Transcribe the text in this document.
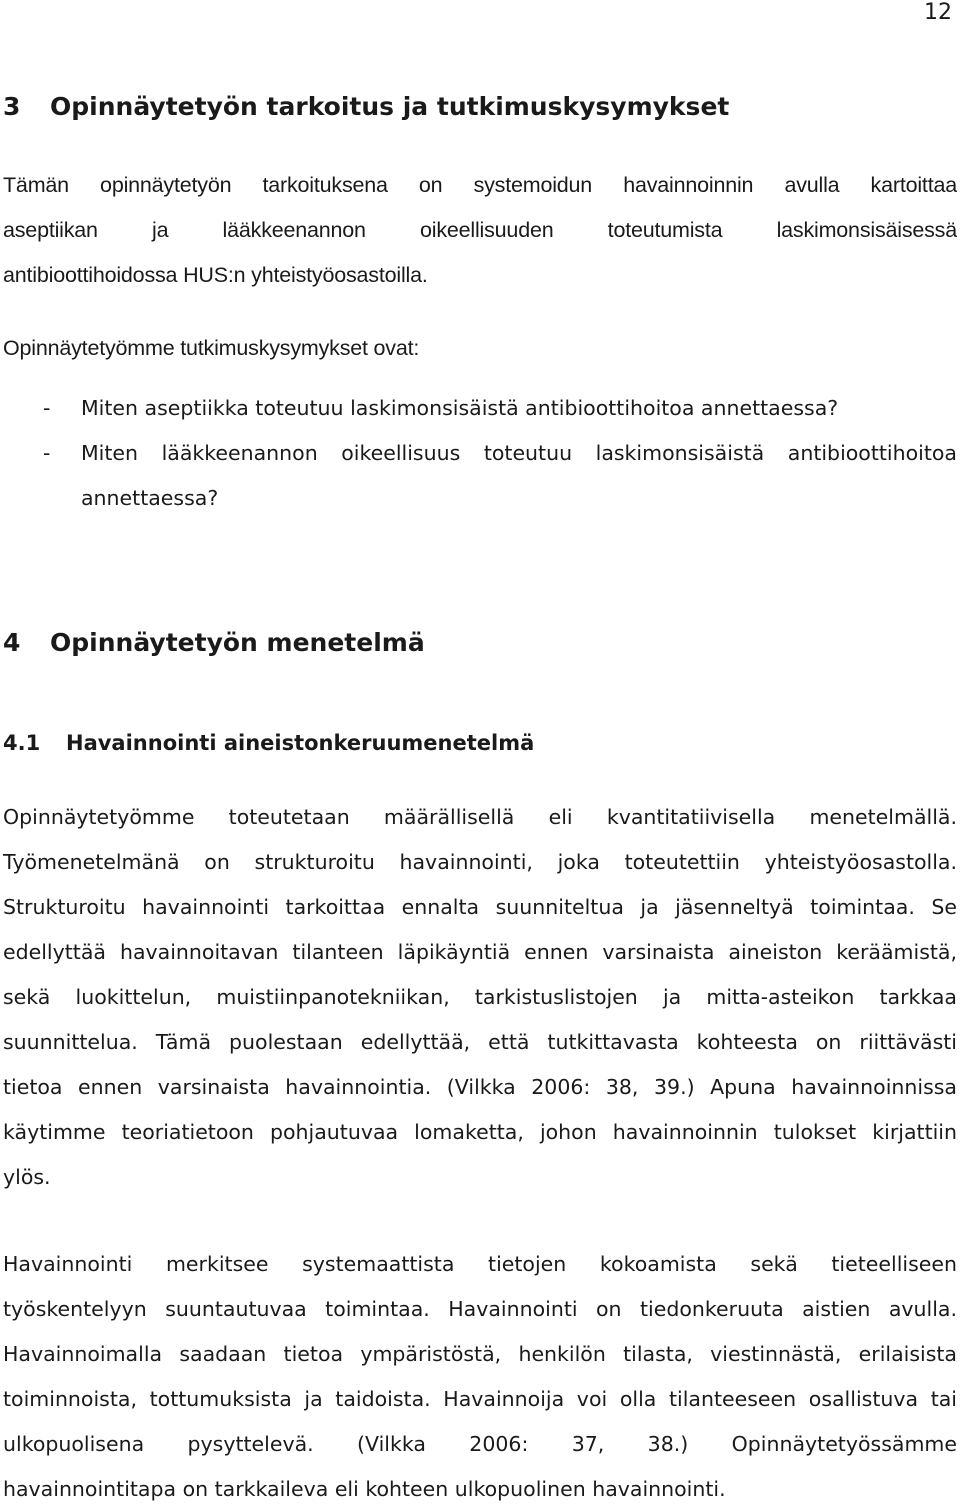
12
3 Opinnäytetyön tarkoitus ja tutkimuskysymykset
Tämän opinnäytetyön tarkoituksena on systemoidun havainnoinnin avulla kartoittaa
aseptiikan ja lääkkeenannon oikeellisuuden toteutumista laskimonsisäisessä
antibioottihoidossa HUS:n yhteistyöosastoilla.
Opinnäytetyömme tutkimuskysymykset ovat:
- Miten aseptiikka toteutuu laskimonsisäistä antibioottihoitoa annettaessa?
- Miten lääkkeenannon oikeellisuus toteutuu laskimonsisäistä antibioottihoitoa
annettaessa?
4 Opinnäytetyön menetelmä
4.1 Havainnointi aineistonkeruumenetelmä
Opinnäytetyömme toteutetaan määrällisellä eli kvantitatiivisella menetelmällä.
Työmenetelmänä on strukturoitu havainnointi, joka toteutettiin yhteistyöosastolla.
Strukturoitu havainnointi tarkoittaa ennalta suunniteltua ja jäsenneltyä toimintaa. Se
edellyttää havainnoitavan tilanteen läpikäyntiä ennen varsinaista aineiston keräämistä,
sekä luokittelun, muistiinpanotekniikan, tarkistuslistojen ja mitta-asteikon tarkkaa
suunnittelua. Tämä puolestaan edellyttää, että tutkittavasta kohteesta on riittävästi
tietoa ennen varsinaista havainnointia. (Vilkka 2006: 38, 39.) Apuna havainnoinnissa
käytimme teoriatietoon pohjautuvaa lomaketta, johon havainnoinnin tulokset kirjattiin
ylös.
Havainnointi merkitsee systemaattista tietojen kokoamista sekä tieteelliseen
työskentelyyn suuntautuvaa toimintaa. Havainnointi on tiedonkeruuta aistien avulla.
Havainnoimalla saadaan tietoa ympäristöstä, henkilön tilasta, viestinnästä, erilaisista
toiminnoista, tottumuksista ja taidoista. Havainnoija voi olla tilanteeseen osallistuva tai
ulkopuolisena pysyttelevä. (Vilkka 2006: 37, 38.) Opinnäytetyössämme
havainnointitapa on tarkkaileva eli kohteen ulkopuolinen havainnointi.
